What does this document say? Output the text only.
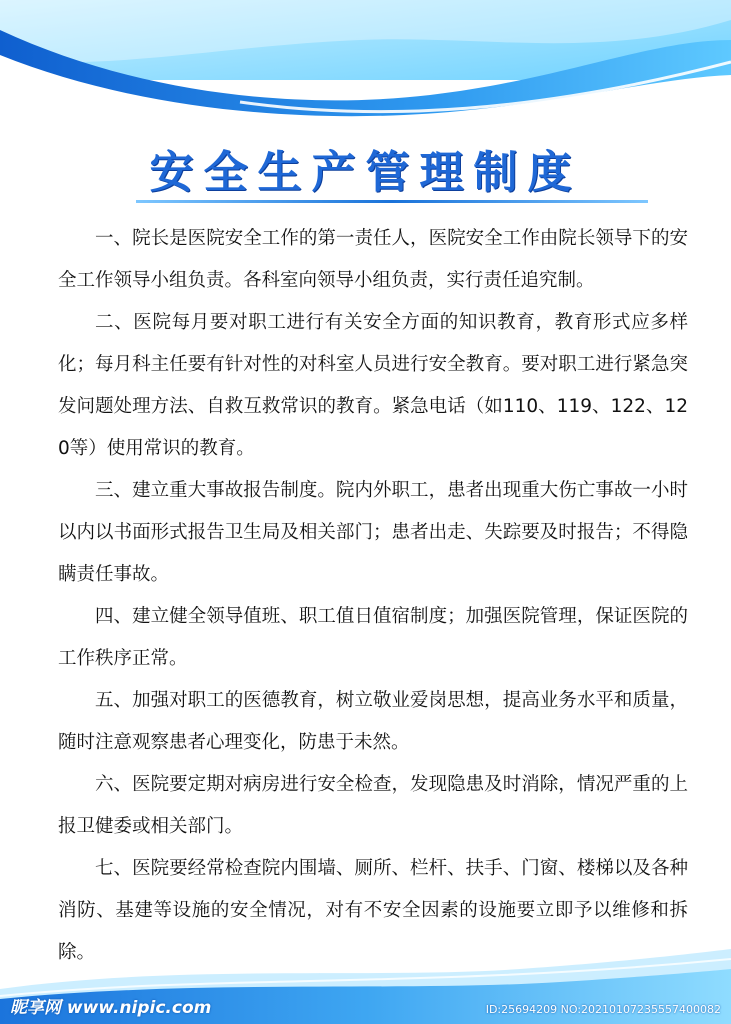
安全生产管理制度

一、院长是医院安全工作的第一责任人，医院安全工作由院长领导下的安全工作领导小组负责。各科室向领导小组负责，实行责任追究制。

二、医院每月要对职工进行有关安全方面的知识教育，教育形式应多样化；每月科主任要有针对性的对科室人员进行安全教育。要对职工进行紧急突发问题处理方法、自救互救常识的教育。紧急电话（如110、119、122、120等）使用常识的教育。

三、建立重大事故报告制度。院内外职工，患者出现重大伤亡事故一小时以内以书面形式报告卫生局及相关部门；患者出走、失踪要及时报告；不得隐瞒责任事故。

四、建立健全领导值班、职工值日值宿制度；加强医院管理，保证医院的工作秩序正常。

五、加强对职工的医德教育，树立敬业爱岗思想，提高业务水平和质量，随时注意观察患者心理变化，防患于未然。

六、医院要定期对病房进行安全检查，发现隐患及时消除，情况严重的上报卫健委或相关部门。

七、医院要经常检查院内围墙、厕所、栏杆、扶手、门窗、楼梯以及各种消防、基建等设施的安全情况，对有不安全因素的设施要立即予以维修和拆除。

昵享网 www.nipic.com	ID:25694209 NO:20210107235557400082
